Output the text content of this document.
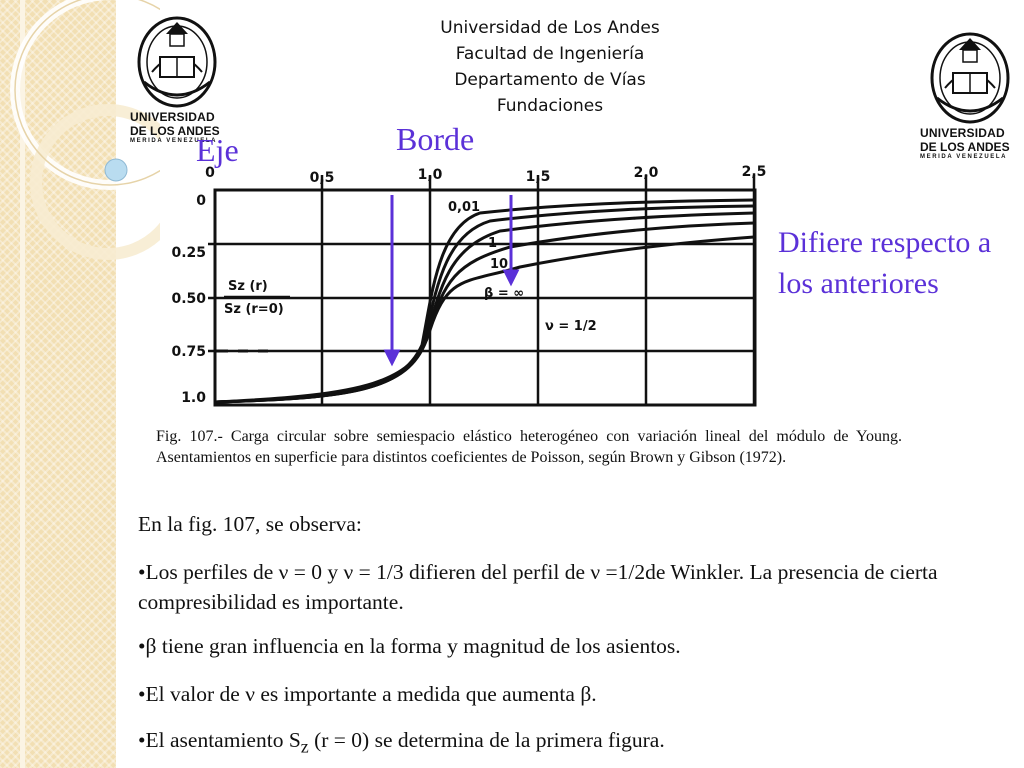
Universidad de Los Andes
Facultad de Ingeniería
Departamento de Vías
Fundaciones
UNIVERSIDAD
DE LOS ANDES
MERIDA VENEZUELA
UNIVERSIDAD
DE LOS ANDES
MERIDA VENEZUELA
Eje	Borde
Difiere respecto a los anteriores
0	0,5	1,0	1,5	2,0	2,5
0
0.25
0.50
0.75
1.0
Sz (r)
Sz (r=0)
0,01
1
10
β = ∞
ν = 1/2
Fig. 107.- Carga circular sobre semiespacio elástico heterogéneo con variación lineal del módulo de Young. Asentamientos en superficie para distintos coeficientes de Poisson, según Brown y Gibson (1972).

En la fig. 107, se observa:

•Los perfiles de ν = 0 y ν = 1/3 difieren del perfil de ν =1/2de Winkler. La presencia de cierta compresibilidad es importante.

•β tiene gran influencia en la forma y magnitud de los asientos.

•El valor de ν es importante a medida que aumenta β.

•El asentamiento $S_z$ (r = 0) se determina de la primera figura.
